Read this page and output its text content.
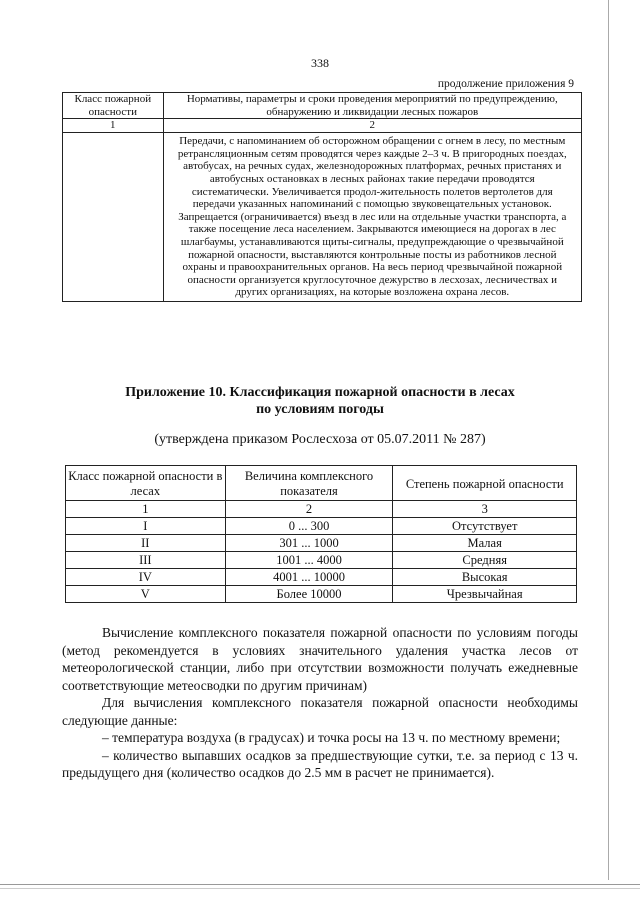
338
продолжение приложения 9
Класс пожарной опасности	Нормативы, параметры и сроки проведения мероприятий по предупреждению, обнаружению и ликвидации лесных пожаров
1	2

	Передачи, с напоминанием об осторожном обращении с огнем в лесу, по местным ретрансляционным сетям проводятся через каждые 2–3 ч. В пригородных поездах, автобусах, на речных судах, железнодорожных платформах, речных пристанях и автобусных остановках в лесных районах такие передачи проводятся систематически. Увеличивается продол-жительность полетов вертолетов для передачи указанных напоминаний с помощью звуковещательных установок.

Запрещается (ограничивается) въезд в лес или на отдельные участки транспорта, а также посещение леса населением. Закрываются имеющиеся на дорогах в лес шлагбаумы, устанавливаются щиты-сигналы, предупреждающие о чрезвычайной пожарной опасности, выставляются контрольные посты из работников лесной охраны и правоохранительных органов. На весь период чрезвычайной пожарной опасности организуется круглосуточное дежурство в лесхозах, лесничествах и других организациях, на которые возложена охрана лесов.

Приложение 10. Классификация пожарной опасности в лесах
по условиям погоды
(утверждена приказом Рослесхоза от 05.07.2011 № 287)
Класс пожарной опасности в лесах	Величина комплексного показателя	Степень пожарной опасности
1	2	3
I	0 ... 300	Отсутствует
II	301 ... 1000	Малая
III	1001 ... 4000	Средняя
IV	4001 ... 10000	Высокая
V	Более 10000	Чрезвычайная

Вычисление комплексного показателя пожарной опасности по условиям погоды (метод рекомендуется в условиях значительного удаления участка лесов от метеорологической станции, либо при отсутствии возможности получать ежедневные соответствующие метеосводки по другим причинам)

Для вычисления комплексного показателя пожарной опасности необходимы следующие данные:

– температура воздуха (в градусах) и точка росы на 13 ч. по местному времени;

– количество выпавших осадков за предшествующие сутки, т.е. за период с 13 ч. предыдущего дня (количество осадков до 2.5 мм в расчет не принимается).
